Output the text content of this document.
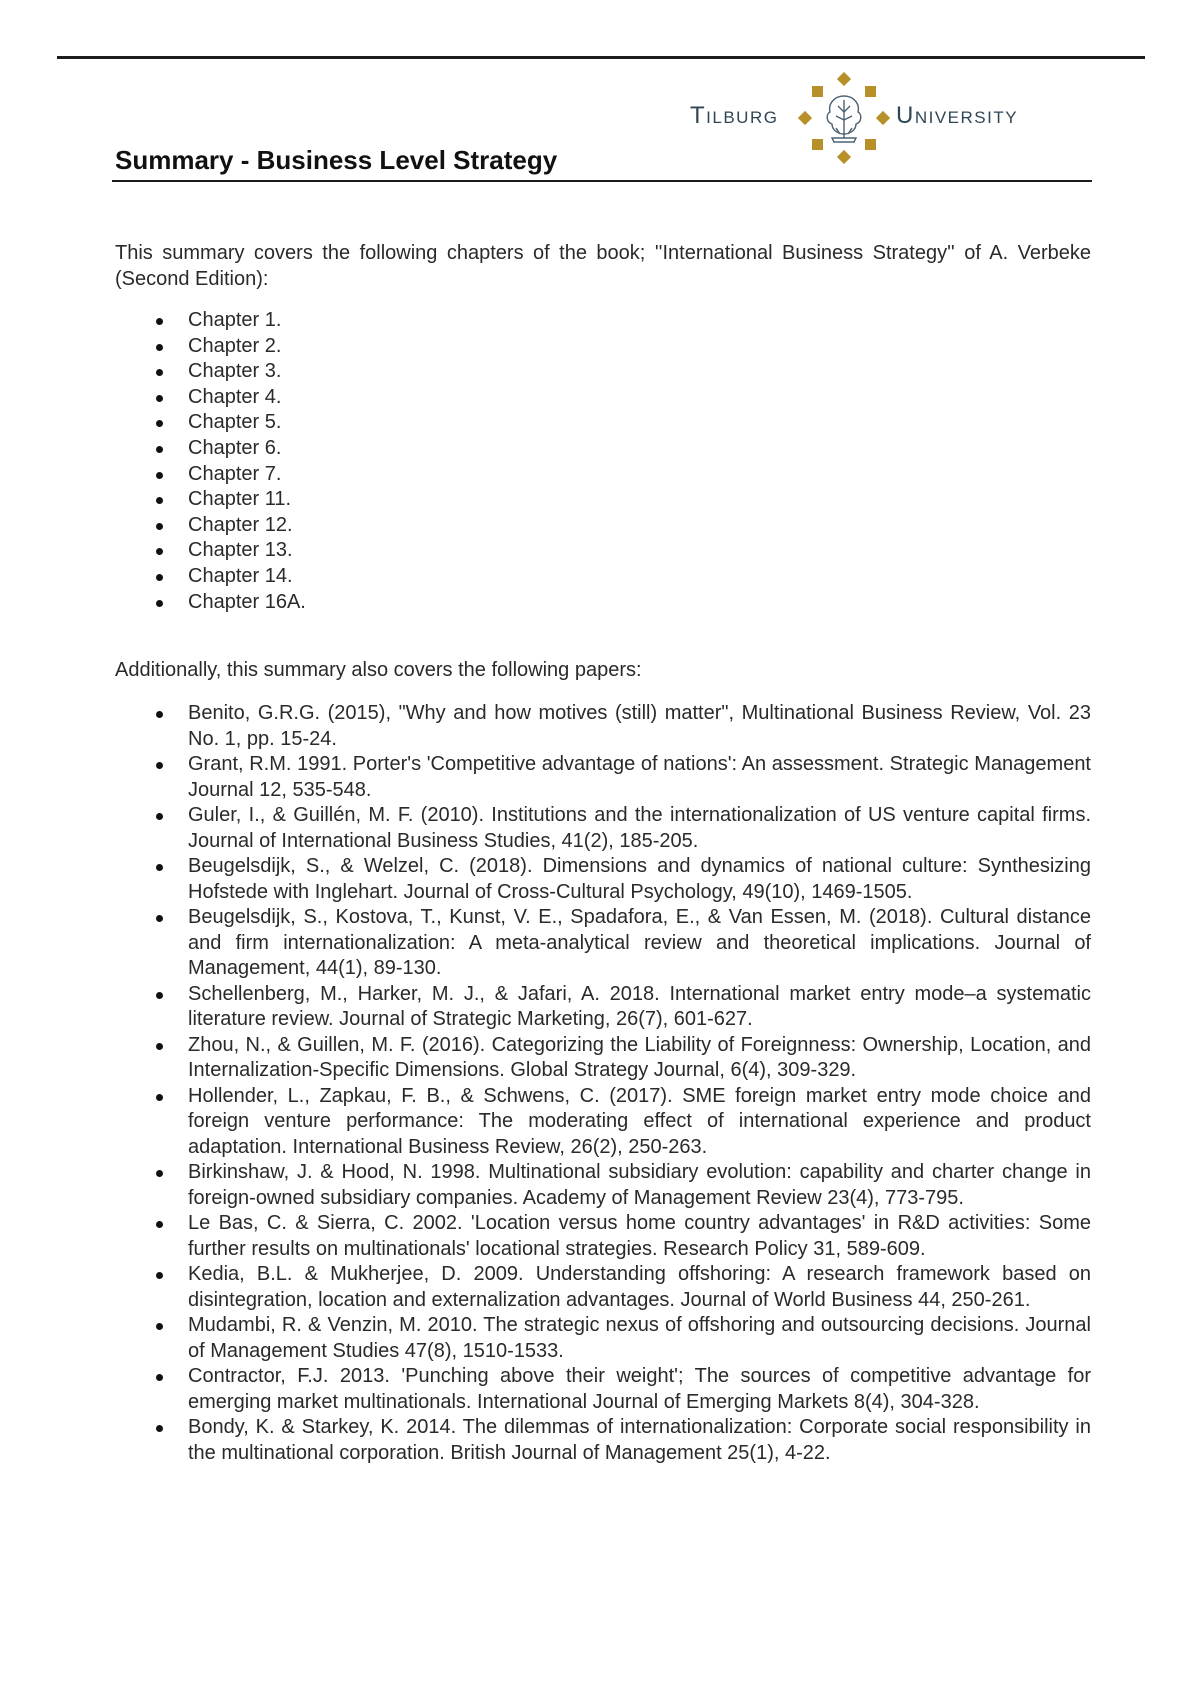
Tilburg	University
Summary - Business Level Strategy

This summary covers the following chapters of the book; ''International Business Strategy'' of A. Verbeke (Second Edition):

Chapter 1.
Chapter 2.
Chapter 3.
Chapter 4.
Chapter 5.
Chapter 6.
Chapter 7.
Chapter 11.
Chapter 12.
Chapter 13.
Chapter 14.
Chapter 16A.

Additionally, this summary also covers the following papers:

Benito, G.R.G. (2015), "Why and how motives (still) matter", Multinational Business Review, Vol. 23 No. 1, pp. 15-24.
Grant, R.M. 1991. Porter's 'Competitive advantage of nations': An assessment. Strategic Management Journal 12, 535-548.
Guler, I., & Guillén, M. F. (2010). Institutions and the internationalization of US venture capital firms. Journal of International Business Studies, 41(2), 185-205.
Beugelsdijk, S., & Welzel, C. (2018). Dimensions and dynamics of national culture: Synthesizing Hofstede with Inglehart. Journal of Cross-Cultural Psychology, 49(10), 1469-1505.
Beugelsdijk, S., Kostova, T., Kunst, V. E., Spadafora, E., & Van Essen, M. (2018). Cultural distance and firm internationalization: A meta-analytical review and theoretical implications. Journal of Management, 44(1), 89-130.
Schellenberg, M., Harker, M. J., & Jafari, A. 2018. International market entry mode–a systematic literature review. Journal of Strategic Marketing, 26(7), 601-627.
Zhou, N., & Guillen, M. F. (2016). Categorizing the Liability of Foreignness: Ownership, Location, and Internalization-Specific Dimensions. Global Strategy Journal, 6(4), 309-329.
Hollender, L., Zapkau, F. B., & Schwens, C. (2017). SME foreign market entry mode choice and foreign venture performance: The moderating effect of international experience and product adaptation. International Business Review, 26(2), 250-263.
Birkinshaw, J. & Hood, N. 1998. Multinational subsidiary evolution: capability and charter change in foreign-owned subsidiary companies. Academy of Management Review 23(4), 773-795.
Le Bas, C. & Sierra, C. 2002. 'Location versus home country advantages' in R&D activities: Some further results on multinationals' locational strategies. Research Policy 31, 589-609.
Kedia, B.L. & Mukherjee, D. 2009. Understanding offshoring: A research framework based on disintegration, location and externalization advantages. Journal of World Business 44, 250-261.
Mudambi, R. & Venzin, M. 2010. The strategic nexus of offshoring and outsourcing decisions. Journal of Management Studies 47(8), 1510-1533.
Contractor, F.J. 2013. 'Punching above their weight'; The sources of competitive advantage for emerging market multinationals. International Journal of Emerging Markets 8(4), 304-328.
Bondy, K. & Starkey, K. 2014. The dilemmas of internationalization: Corporate social responsibility in the multinational corporation. British Journal of Management 25(1), 4-22.
